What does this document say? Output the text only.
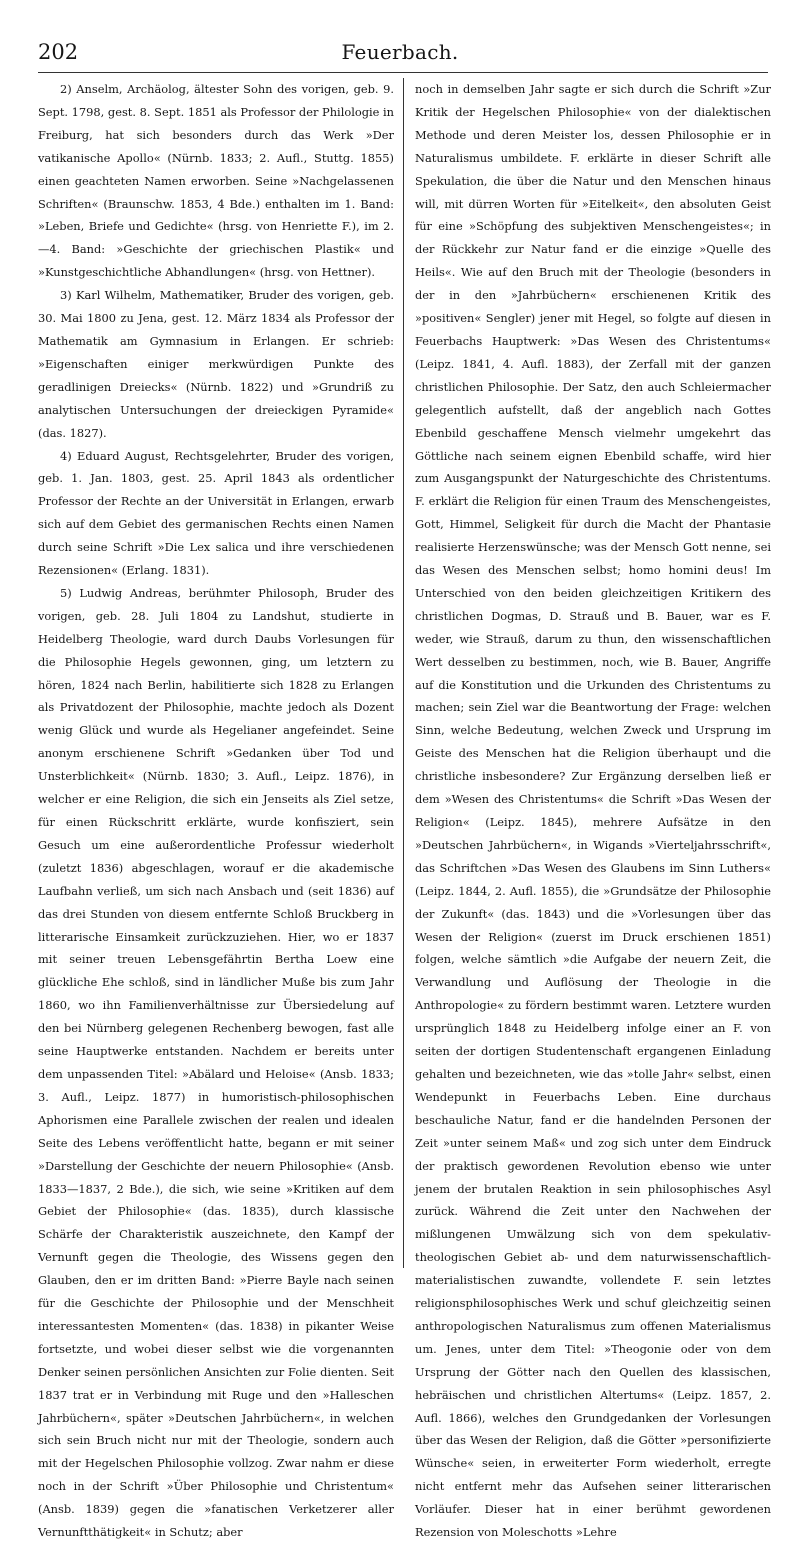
202	Feuerbach.

2) Anselm, Archäolog, ältester Sohn des vorigen, geb. 9. Sept. 1798, gest. 8. Sept. 1851 als Professor der Philologie in Freiburg, hat sich besonders durch das Werk »Der vatikanische Apollo« (Nürnb. 1833; 2. Aufl., Stuttg. 1855) einen geachteten Namen erworben. Seine »Nachgelassenen Schriften« (Braunschw. 1853, 4 Bde.) enthalten im 1. Band: »Leben, Briefe und Gedichte« (hrsg. von Henriette F.), im 2.—4. Band: »Geschichte der griechischen Plastik« und »Kunstgeschichtliche Abhandlungen« (hrsg. von Hettner).

3) Karl Wilhelm, Mathematiker, Bruder des vorigen, geb. 30. Mai 1800 zu Jena, gest. 12. März 1834 als Professor der Mathematik am Gymnasium in Erlangen. Er schrieb: »Eigenschaften einiger merkwürdigen Punkte des geradlinigen Dreiecks« (Nürnb. 1822) und »Grundriß zu analytischen Untersuchungen der dreieckigen Pyramide« (das. 1827).

4) Eduard August, Rechtsgelehrter, Bruder des vorigen, geb. 1. Jan. 1803, gest. 25. April 1843 als ordentlicher Professor der Rechte an der Universität in Erlangen, erwarb sich auf dem Gebiet des germanischen Rechts einen Namen durch seine Schrift »Die Lex salica und ihre verschiedenen Rezensionen« (Erlang. 1831).

5) Ludwig Andreas, berühmter Philosoph, Bruder des vorigen, geb. 28. Juli 1804 zu Landshut, studierte in Heidelberg Theologie, ward durch Daubs Vorlesungen für die Philosophie Hegels gewonnen, ging, um letztern zu hören, 1824 nach Berlin, habilitierte sich 1828 zu Erlangen als Privatdozent der Philosophie, machte jedoch als Dozent wenig Glück und wurde als Hegelianer angefeindet. Seine anonym erschienene Schrift »Gedanken über Tod und Unsterblichkeit« (Nürnb. 1830; 3. Aufl., Leipz. 1876), in welcher er eine Religion, die sich ein Jenseits als Ziel setze, für einen Rückschritt erklärte, wurde konfisziert, sein Gesuch um eine außerordentliche Professur wiederholt (zuletzt 1836) abgeschlagen, worauf er die akademische Laufbahn verließ, um sich nach Ansbach und (seit 1836) auf das drei Stunden von diesem entfernte Schloß Bruckberg in litterarische Einsamkeit zurückzuziehen. Hier, wo er 1837 mit seiner treuen Lebensgefährtin Bertha Loew eine glückliche Ehe schloß, sind in ländlicher Muße bis zum Jahr 1860, wo ihn Familienverhältnisse zur Übersiedelung auf den bei Nürnberg gelegenen Rechenberg bewogen, fast alle seine Hauptwerke entstanden. Nachdem er bereits unter dem unpassenden Titel: »Abälard und Heloise« (Ansb. 1833; 3. Aufl., Leipz. 1877) in humoristisch-philosophischen Aphorismen eine Parallele zwischen der realen und idealen Seite des Lebens veröffentlicht hatte, begann er mit seiner »Darstellung der Geschichte der neuern Philosophie« (Ansb. 1833—1837, 2 Bde.), die sich, wie seine »Kritiken auf dem Gebiet der Philosophie« (das. 1835), durch klassische Schärfe der Charakteristik auszeichnete, den Kampf der Vernunft gegen die Theologie, des Wissens gegen den Glauben, den er im dritten Band: »Pierre Bayle nach seinen für die Geschichte der Philosophie und der Menschheit interessantesten Momenten« (das. 1838) in pikanter Weise fortsetzte, und wobei dieser selbst wie die vorgenannten Denker seinen persönlichen Ansichten zur Folie dienten. Seit 1837 trat er in Verbindung mit Ruge und den »Halleschen Jahrbüchern«, später »Deutschen Jahrbüchern«, in welchen sich sein Bruch nicht nur mit der Theologie, sondern auch mit der Hegelschen Philosophie vollzog. Zwar nahm er diese noch in der Schrift »Über Philosophie und Christentum« (Ansb. 1839) gegen die »fanatischen Verketzerer aller Vernunftthätigkeit« in Schutz; aber

noch in demselben Jahr sagte er sich durch die Schrift »Zur Kritik der Hegelschen Philosophie« von der dialektischen Methode und deren Meister los, dessen Philosophie er in Naturalismus umbildete. F. erklärte in dieser Schrift alle Spekulation, die über die Natur und den Menschen hinaus will, mit dürren Worten für »Eitelkeit«, den absoluten Geist für eine »Schöpfung des subjektiven Menschengeistes«; in der Rückkehr zur Natur fand er die einzige »Quelle des Heils«. Wie auf den Bruch mit der Theologie (besonders in der in den »Jahrbüchern« erschienenen Kritik des »positiven« Sengler) jener mit Hegel, so folgte auf diesen in Feuerbachs Hauptwerk: »Das Wesen des Christentums« (Leipz. 1841, 4. Aufl. 1883), der Zerfall mit der ganzen christlichen Philosophie. Der Satz, den auch Schleiermacher gelegentlich aufstellt, daß der angeblich nach Gottes Ebenbild geschaffene Mensch vielmehr umgekehrt das Göttliche nach seinem eignen Ebenbild schaffe, wird hier zum Ausgangspunkt der Naturgeschichte des Christentums. F. erklärt die Religion für einen Traum des Menschengeistes, Gott, Himmel, Seligkeit für durch die Macht der Phantasie realisierte Herzenswünsche; was der Mensch Gott nenne, sei das Wesen des Menschen selbst; homo homini deus! Im Unterschied von den beiden gleichzeitigen Kritikern des christlichen Dogmas, D. Strauß und B. Bauer, war es F. weder, wie Strauß, darum zu thun, den wissenschaftlichen Wert desselben zu bestimmen, noch, wie B. Bauer, Angriffe auf die Konstitution und die Urkunden des Christentums zu machen; sein Ziel war die Beantwortung der Frage: welchen Sinn, welche Bedeutung, welchen Zweck und Ursprung im Geiste des Menschen hat die Religion überhaupt und die christliche insbesondere? Zur Ergänzung derselben ließ er dem »Wesen des Christentums« die Schrift »Das Wesen der Religion« (Leipz. 1845), mehrere Aufsätze in den »Deutschen Jahrbüchern«, in Wigands »Vierteljahrsschrift«, das Schriftchen »Das Wesen des Glaubens im Sinn Luthers« (Leipz. 1844, 2. Aufl. 1855), die »Grundsätze der Philosophie der Zukunft« (das. 1843) und die »Vorlesungen über das Wesen der Religion« (zuerst im Druck erschienen 1851) folgen, welche sämtlich »die Aufgabe der neuern Zeit, die Verwandlung und Auflösung der Theologie in die Anthropologie« zu fördern bestimmt waren. Letztere wurden ursprünglich 1848 zu Heidelberg infolge einer an F. von seiten der dortigen Studentenschaft ergangenen Einladung gehalten und bezeichneten, wie das »tolle Jahr« selbst, einen Wendepunkt in Feuerbachs Leben. Eine durchaus beschauliche Natur, fand er die handelnden Personen der Zeit »unter seinem Maß« und zog sich unter dem Eindruck der praktisch gewordenen Revolution ebenso wie unter jenem der brutalen Reaktion in sein philosophisches Asyl zurück. Während die Zeit unter den Nachwehen der mißlungenen Umwälzung sich von dem spekulativ-theologischen Gebiet ab- und dem naturwissenschaftlich-materialistischen zuwandte, vollendete F. sein letztes religionsphilosophisches Werk und schuf gleichzeitig seinen anthropologischen Naturalismus zum offenen Materialismus um. Jenes, unter dem Titel: »Theogonie oder von dem Ursprung der Götter nach den Quellen des klassischen, hebräischen und christlichen Altertums« (Leipz. 1857, 2. Aufl. 1866), welches den Grundgedanken der Vorlesungen über das Wesen der Religion, daß die Götter »personifizierte Wünsche« seien, in erweiterter Form wiederholt, erregte nicht entfernt mehr das Aufsehen seiner litterarischen Vorläufer. Dieser hat in einer berühmt gewordenen Rezension von Moleschotts »Lehre
